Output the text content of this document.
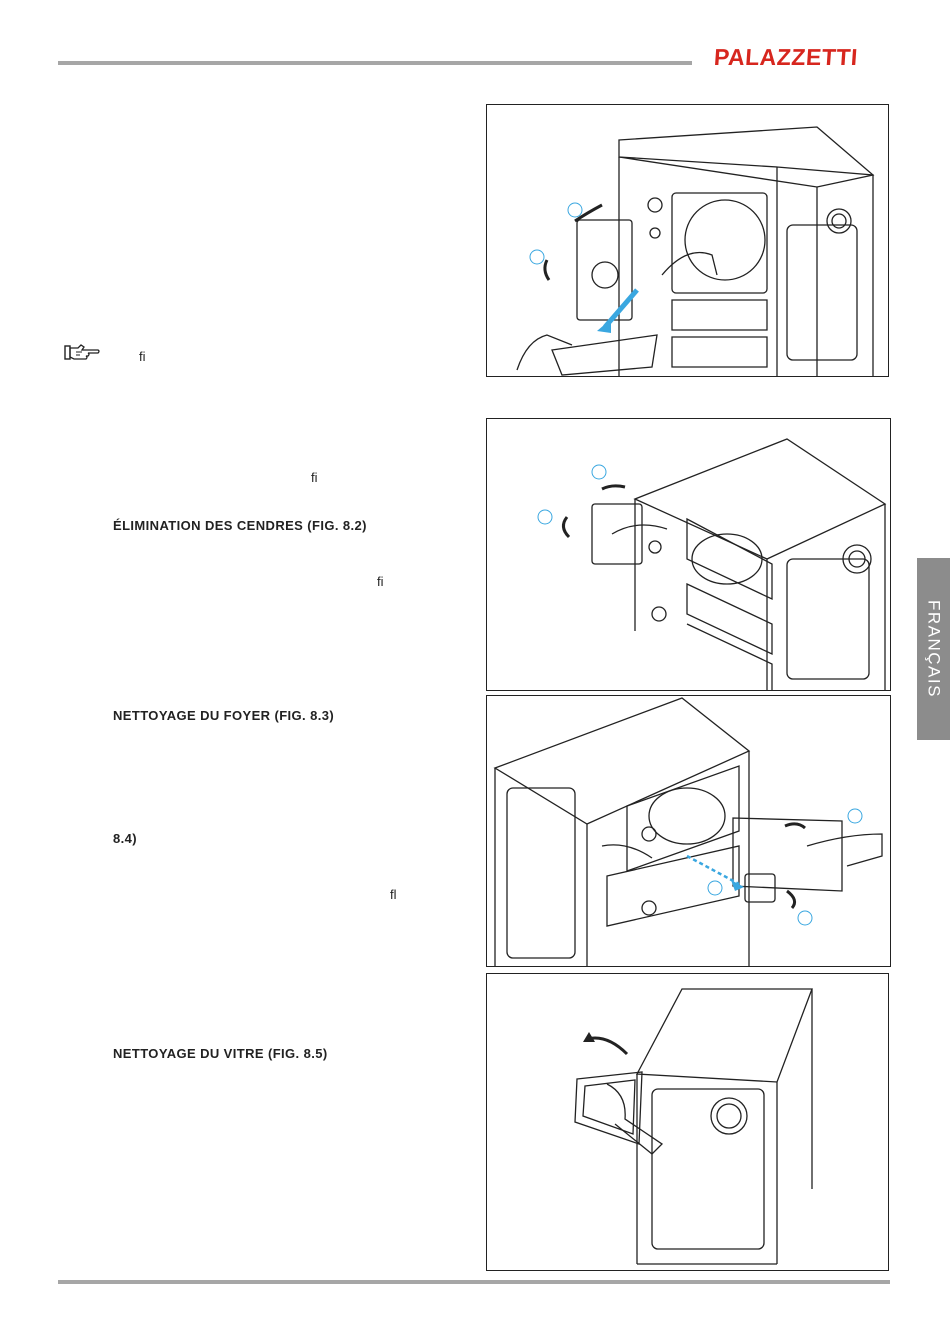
PALAZZETTI
FRANÇAIS
ﬁ
ﬁ
ÉLIMINATION DES CENDRES (FIG. 8.2)
ﬁ
NETTOYAGE DU FOYER (FIG. 8.3)
8.4)
ﬂ
NETTOYAGE DU VITRE (FIG. 8.5)
